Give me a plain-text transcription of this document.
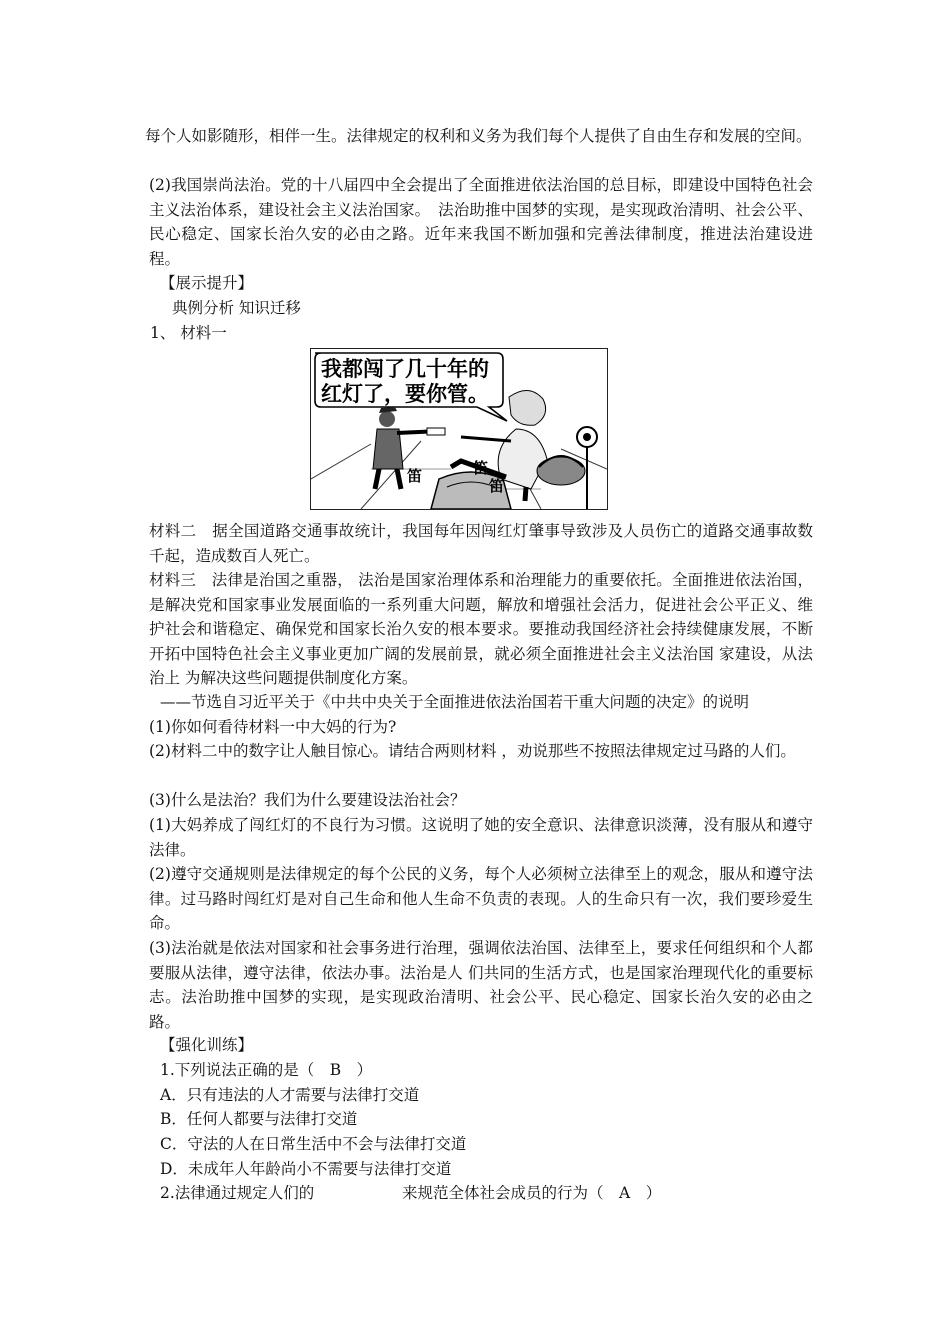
每个人如影随形，相伴一生。法律规定的权利和义务为我们每个人提供了自由生存和发展的空间。

(2)我国崇尚法治。党的十八届四中全会提出了全面推进依法治国的总目标，即建设中国特色社会主义法治体系，建设社会主义法治国家。　法治助推中国梦的实现，是实现政治清明、社会公平、民心稳定、国家长治久安的必由之路。近年来我国不断加强和完善法律制度，推进法治建设进程。

【展示提升】

典例分析 知识迁移

1、 材料一

我都闯了几十年的
红灯了，要你管。
笛	笛
笛

材料二　据全国道路交通事故统计，我国每年因闯红灯肇事导致涉及人员伤亡的道路交通事故数千起，造成数百人死亡。

材料三　法律是治国之重器， 法治是国家治理体系和治理能力的重要依托。全面推进依法治国，是解决党和国家事业发展面临的一系列重大问题，解放和增强社会活力，促进社会公平正义、维护社会和谐稳定、确保党和国家长治久安的根本要求。要推动我国经济社会持续健康发展，不断开拓中国特色社会主义事业更加广阔的发展前景，就必须全面推进社会主义法治国 家建设，从法治上 为解决这些问题提供制度化方案。

——节选自习近平关于《中共中央关于全面推进依法治国若干重大问题的决定》的说明

(1)你如何看待材料一中大妈的行为?

(2)材料二中的数字让人触目惊心。请结合两则材料 ，劝说那些不按照法律规定过马路的人们。

(3)什么是法治？我们为什么要建设法治社会？

(1)大妈养成了闯红灯的不良行为习惯。这说明了她的安全意识、法律意识淡薄，没有服从和遵守法律。

(2)遵守交通规则是法律规定的每个公民的义务，每个人必须树立法律至上的观念，服从和遵守法律。过马路时闯红灯是对自己生命和他人生命不负责的表现。人的生命只有一次，我们要珍爱生命。

(3)法治就是依法对国家和社会事务进行治理，强调依法治国、法律至上，要求任何组织和个人都要服从法律，遵守法律，依法办事。法治是人 们共同的生活方式，也是国家治理现代化的重要标志。法治助推中国梦的实现，是实现政治清明、社会公平、民心稳定、国家长治久安的必由之路。

【强化训练】

1.下列说法正确的是（　B　）

A．只有违法的人才需要与法律打交道

B．任何人都要与法律打交道

C．守法的人在日常生活中不会与法律打交道

D．未成年人年龄尚小不需要与法律打交道

2.法律通过规定人们的	来规范全体社会成员的行为（　A　）
